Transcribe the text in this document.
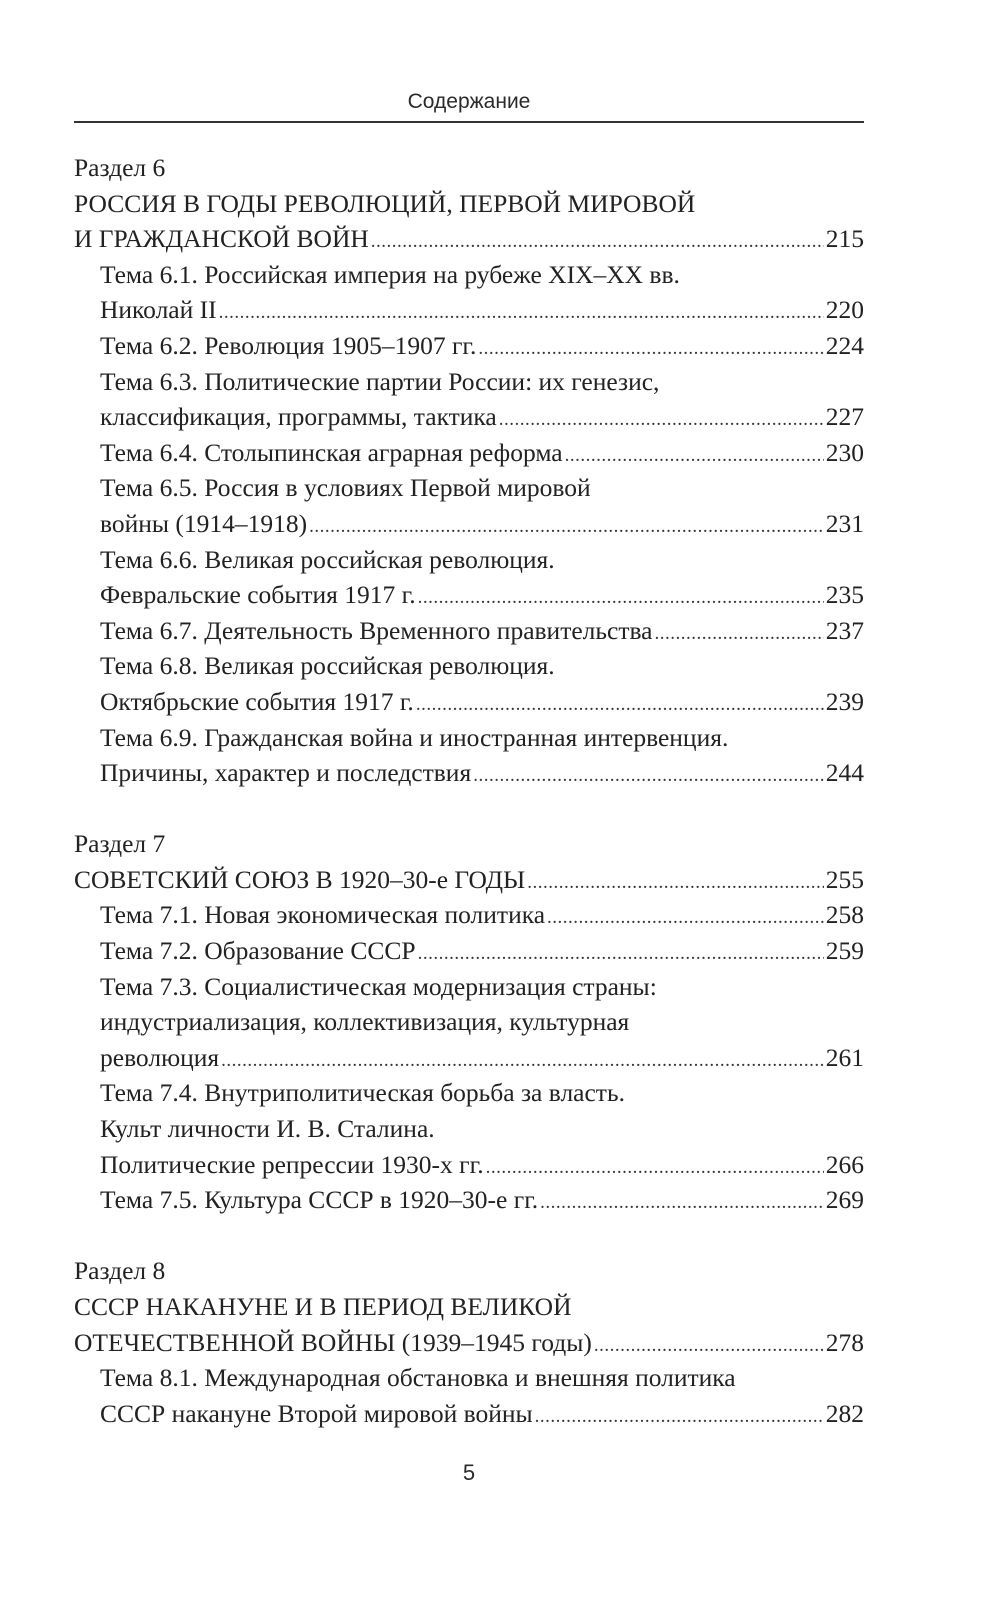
Содержание
Раздел 6
РОССИЯ В ГОДЫ РЕВОЛЮЦИЙ, ПЕРВОЙ МИРОВОЙ
И ГРАЖДАНСКОЙ ВОЙН .....	215
Тема 6.1. Российская империя на рубеже XIX–XX вв.
Николай II .....	220
Тема 6.2. Революция 1905–1907 гг. .....	224
Тема 6.3. Политические партии России: их генезис,
классификация, программы, тактика .....	227
Тема 6.4. Столыпинская аграрная реформа .....	230
Тема 6.5. Россия в условиях Первой мировой
войны (1914–1918) .....	231
Тема 6.6. Великая российская революция.
Февральские события 1917 г. .....	235
Тема 6.7. Деятельность Временного правительства .....	237
Тема 6.8. Великая российская революция.
Октябрьские события 1917 г. .....	239
Тема 6.9. Гражданская война и иностранная интервенция.
Причины, характер и последствия .....	244
Раздел 7
СОВЕТСКИЙ СОЮЗ В 1920–30-е ГОДЫ .....	255
Тема 7.1. Новая экономическая политика .....	258
Тема 7.2. Образование СССР .....	259
Тема 7.3. Социалистическая модернизация страны:
индустриализация, коллективизация, культурная
революция .....	261
Тема 7.4. Внутриполитическая борьба за власть.
Культ личности И. В. Сталина.
Политические репрессии 1930-х гг. .....	266
Тема 7.5. Культура СССР в 1920–30-е гг. .....	269
Раздел 8
СССР НАКАНУНЕ И В ПЕРИОД ВЕЛИКОЙ
ОТЕЧЕСТВЕННОЙ ВОЙНЫ (1939–1945 годы) .....	278
Тема 8.1. Международная обстановка и внешняя политика
СССР накануне Второй мировой войны .....	282
5
